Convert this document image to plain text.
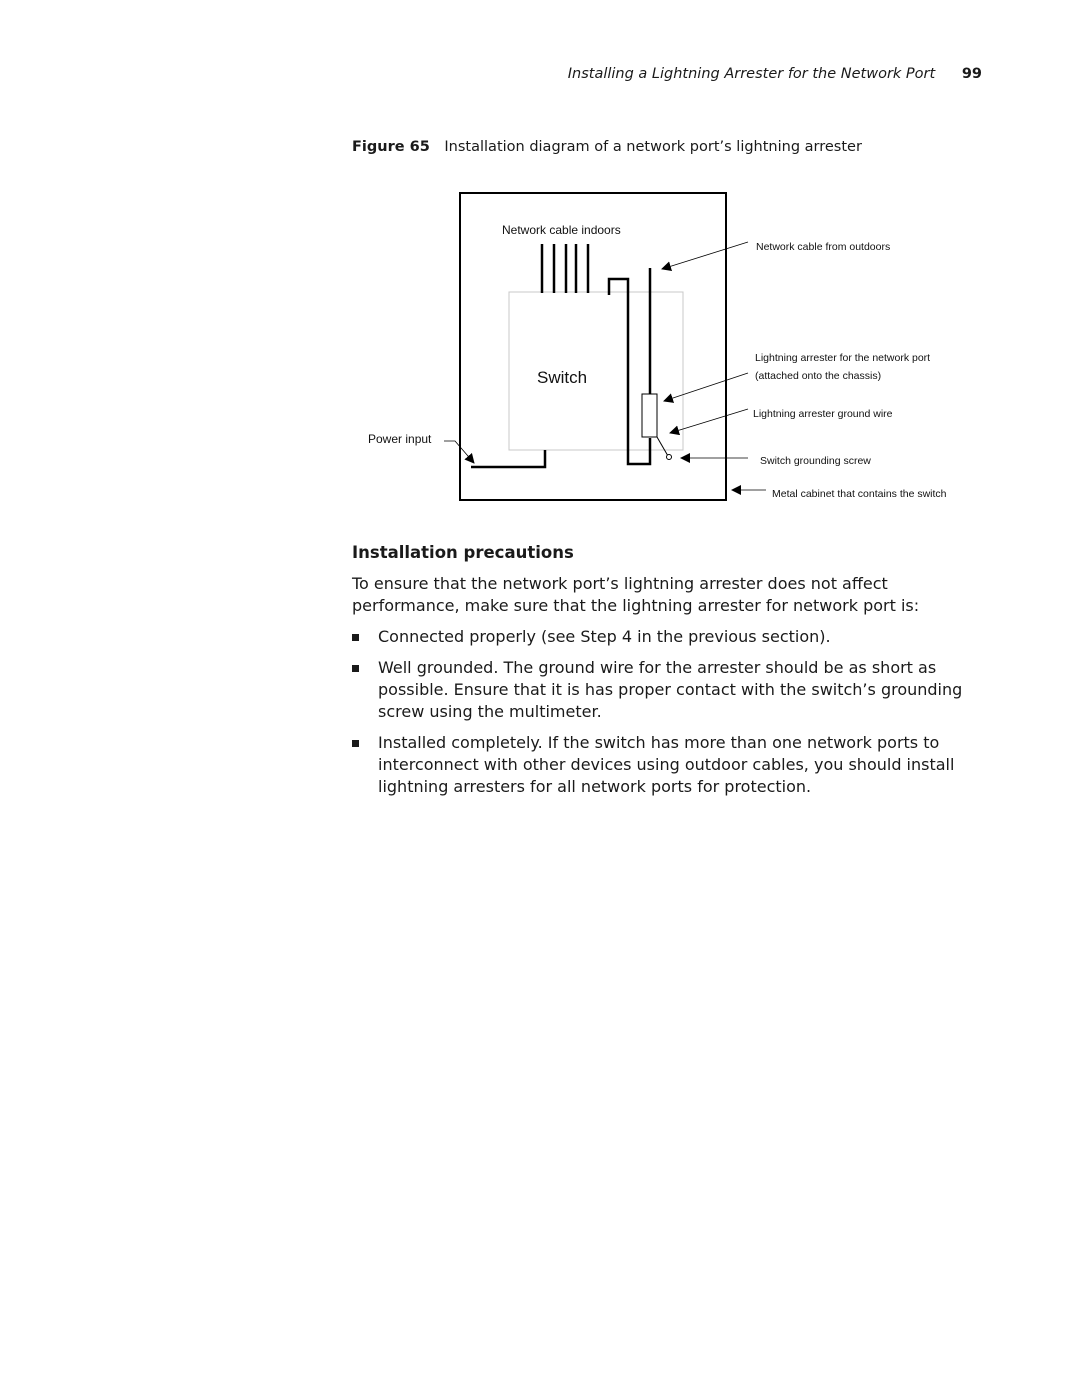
Installing a Lightning Arrester for the Network Port 99
Figure 65 Installation diagram of a network port’s lightning arrester
Switch
Network cable indoors
Network cable from outdoors
Lightning arrester for the network port
(attached onto the chassis)
Lightning arrester ground wire
Switch grounding screw
Metal cabinet that contains the switch
Power input
Installation precautions

To ensure that the network port’s lightning arrester does not affect performance, make sure that the lightning arrester for network port is:

Connected properly (see Step 4 in the previous section).
Well grounded. The ground wire for the arrester should be as short as possible. Ensure that it is has proper contact with the switch’s grounding screw using the multimeter.
Installed completely. If the switch has more than one network ports to interconnect with other devices using outdoor cables, you should install lightning arresters for all network ports for protection.
